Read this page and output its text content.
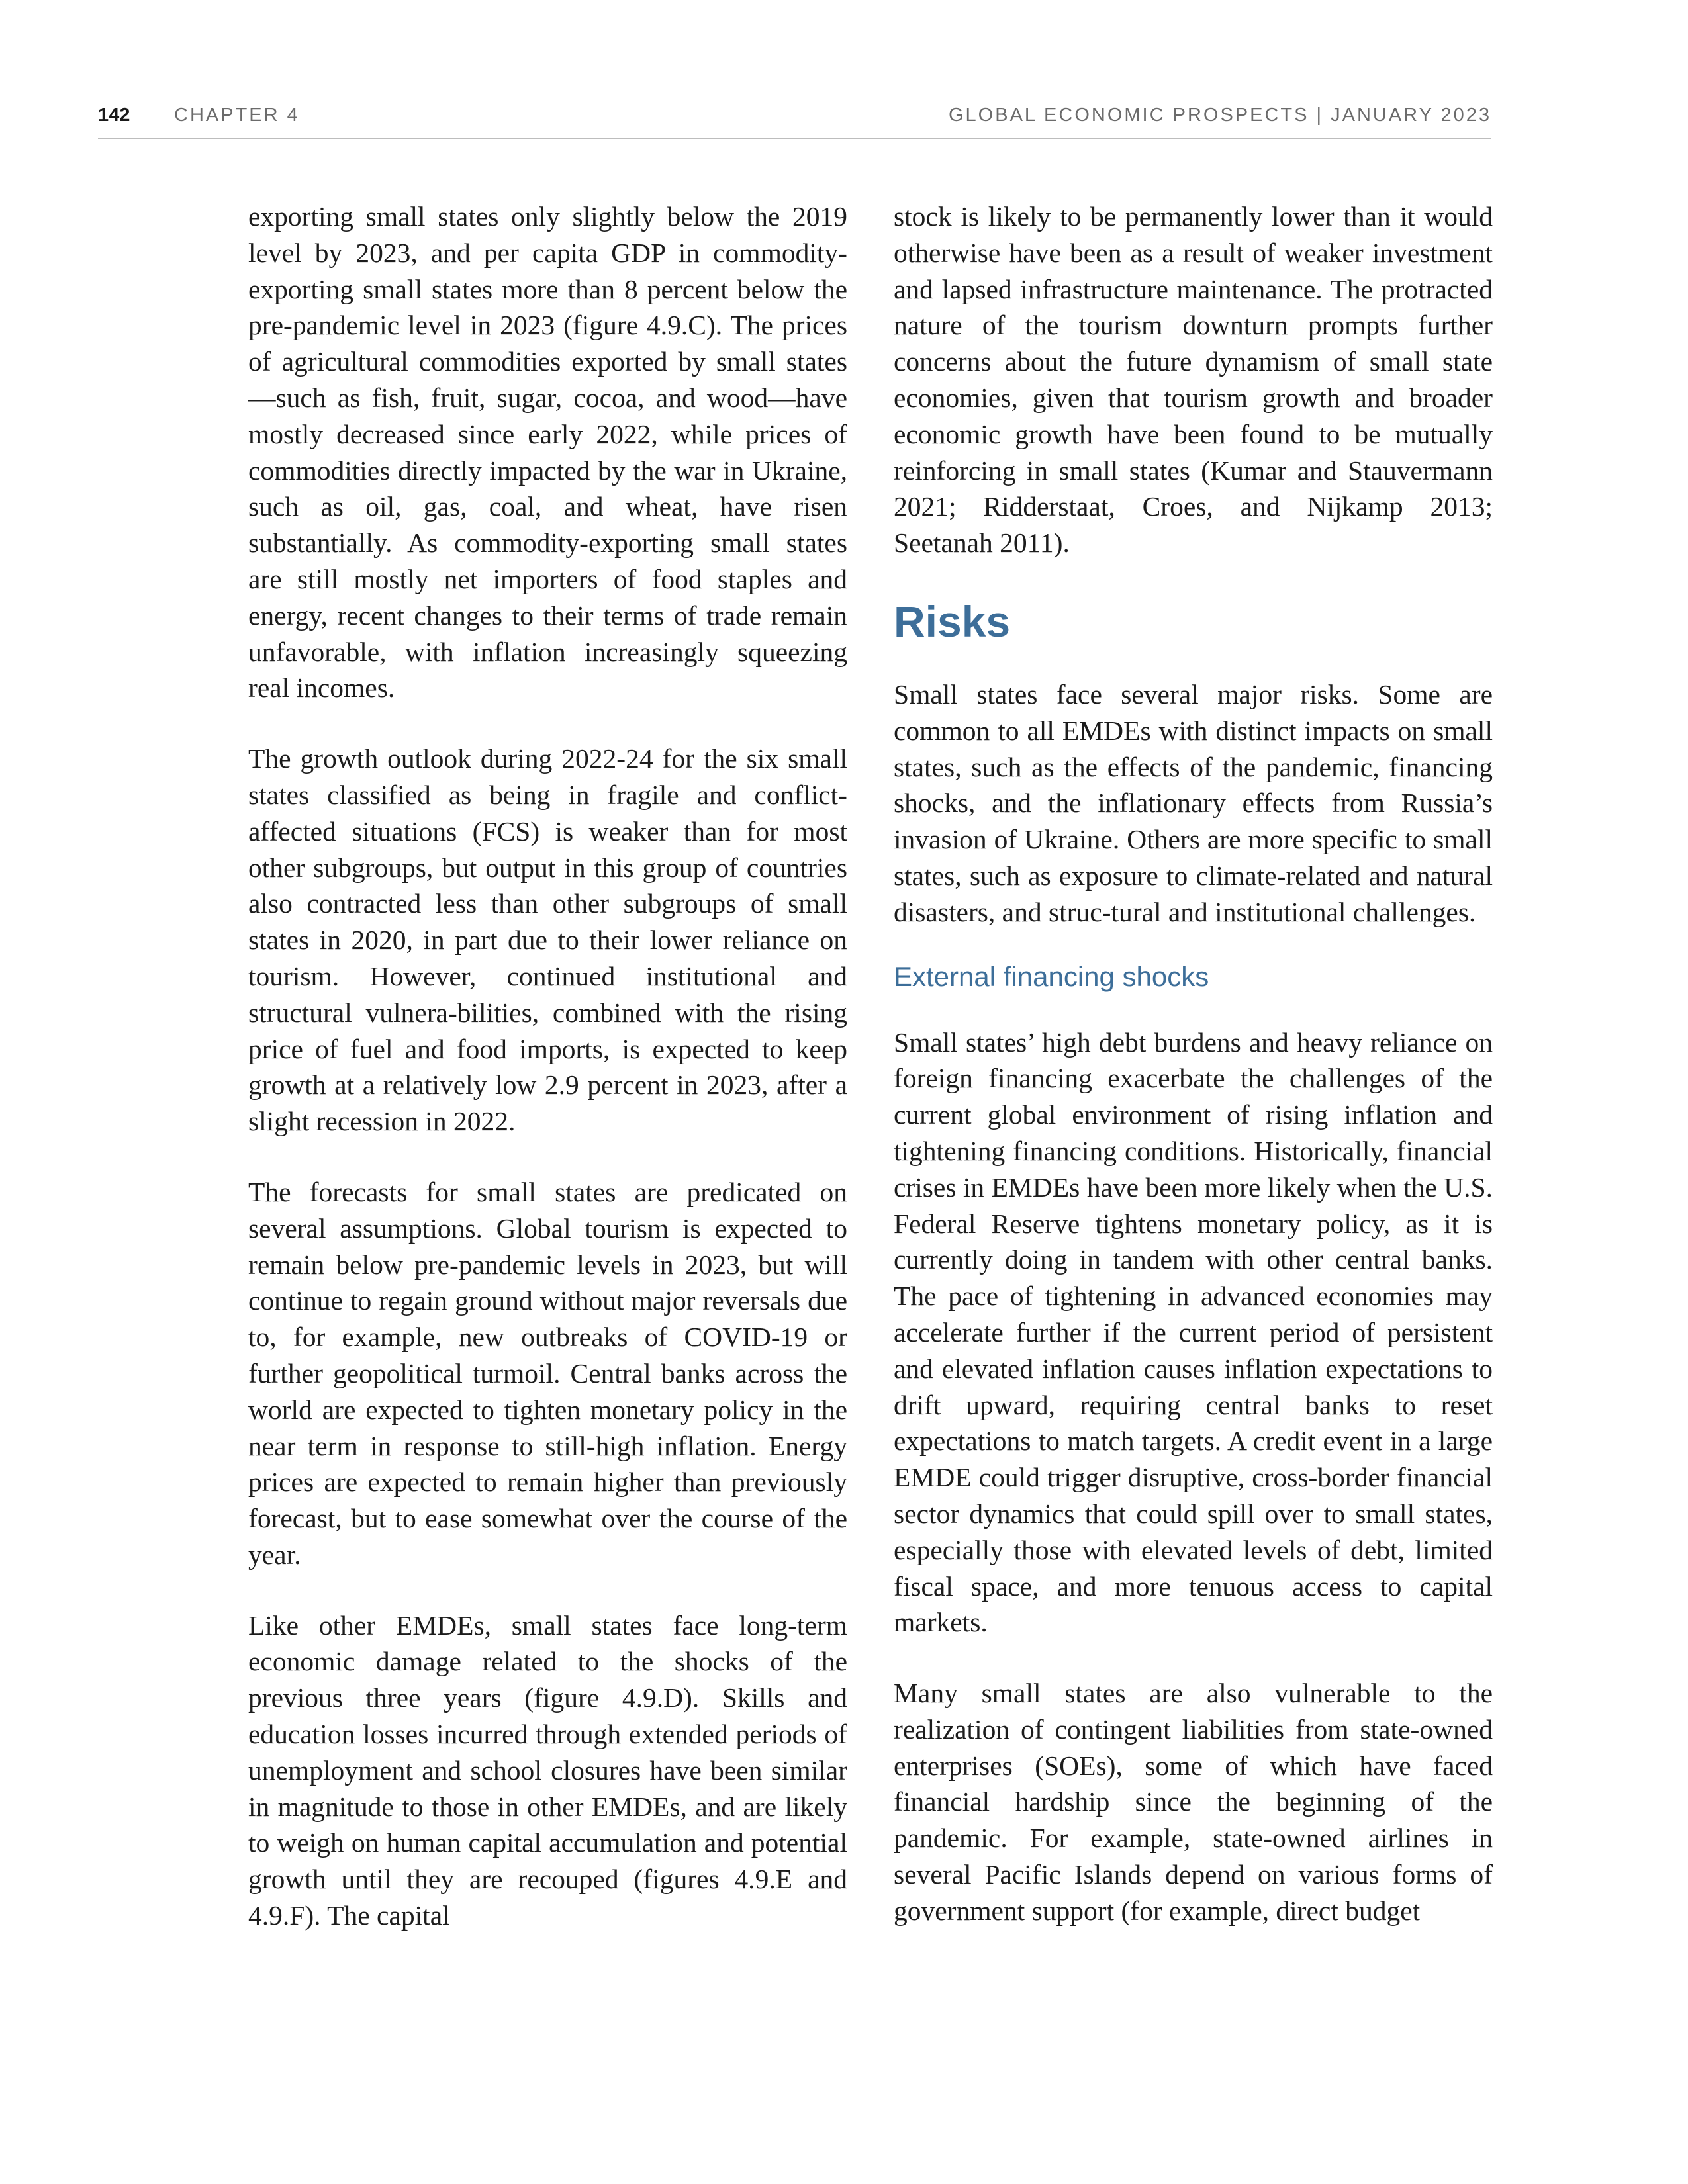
142 CHAPTER 4	GLOBAL ECONOMIC PROSPECTS | JANUARY 2023

exporting small states only slightly below the 2019 level by 2023, and per capita GDP in commodity-exporting small states more than 8 percent below the pre-pandemic level in 2023 (figure 4.9.C). The prices of agricultural commodities exported by small states—such as fish, fruit, sugar, cocoa, and wood—have mostly decreased since early 2022, while prices of commodities directly impacted by the war in Ukraine, such as oil, gas, coal, and wheat, have risen substantially. As commodity-exporting small states are still mostly net importers of food staples and energy, recent changes to their terms of trade remain unfavorable, with inflation increasingly squeezing real incomes.

The growth outlook during 2022-24 for the six small states classified as being in fragile and conflict-affected situations (FCS) is weaker than for most other subgroups, but output in this group of countries also contracted less than other subgroups of small states in 2020, in part due to their lower reliance on tourism. However, continued institutional and structural vulnera-bilities, combined with the rising price of fuel and food imports, is expected to keep growth at a relatively low 2.9 percent in 2023, after a slight recession in 2022.

The forecasts for small states are predicated on several assumptions. Global tourism is expected to remain below pre-pandemic levels in 2023, but will continue to regain ground without major reversals due to, for example, new outbreaks of COVID-19 or further geopolitical turmoil. Central banks across the world are expected to tighten monetary policy in the near term in response to still-high inflation. Energy prices are expected to remain higher than previously forecast, but to ease somewhat over the course of the year.

Like other EMDEs, small states face long-term economic damage related to the shocks of the previous three years (figure 4.9.D). Skills and education losses incurred through extended periods of unemployment and school closures have been similar in magnitude to those in other EMDEs, and are likely to weigh on human capital accumulation and potential growth until they are recouped (figures 4.9.E and 4.9.F). The capital

stock is likely to be permanently lower than it would otherwise have been as a result of weaker investment and lapsed infrastructure maintenance. The protracted nature of the tourism downturn prompts further concerns about the future dynamism of small state economies, given that tourism growth and broader economic growth have been found to be mutually reinforcing in small states (Kumar and Stauvermann 2021; Ridderstaat, Croes, and Nijkamp 2013; Seetanah 2011).

Risks

Small states face several major risks. Some are common to all EMDEs with distinct impacts on small states, such as the effects of the pandemic, financing shocks, and the inflationary effects from Russia’s invasion of Ukraine. Others are more specific to small states, such as exposure to climate-related and natural disasters, and struc-tural and institutional challenges.

External financing shocks

Small states’ high debt burdens and heavy reliance on foreign financing exacerbate the challenges of the current global environment of rising inflation and tightening financing conditions. Historically, financial crises in EMDEs have been more likely when the U.S. Federal Reserve tightens monetary policy, as it is currently doing in tandem with other central banks. The pace of tightening in advanced economies may accelerate further if the current period of persistent and elevated inflation causes inflation expectations to drift upward, requiring central banks to reset expectations to match targets. A credit event in a large EMDE could trigger disruptive, cross-border financial sector dynamics that could spill over to small states, especially those with elevated levels of debt, limited fiscal space, and more tenuous access to capital markets.

Many small states are also vulnerable to the realization of contingent liabilities from state-owned enterprises (SOEs), some of which have faced financial hardship since the beginning of the pandemic. For example, state-owned airlines in several Pacific Islands depend on various forms of government support (for example, direct budget
